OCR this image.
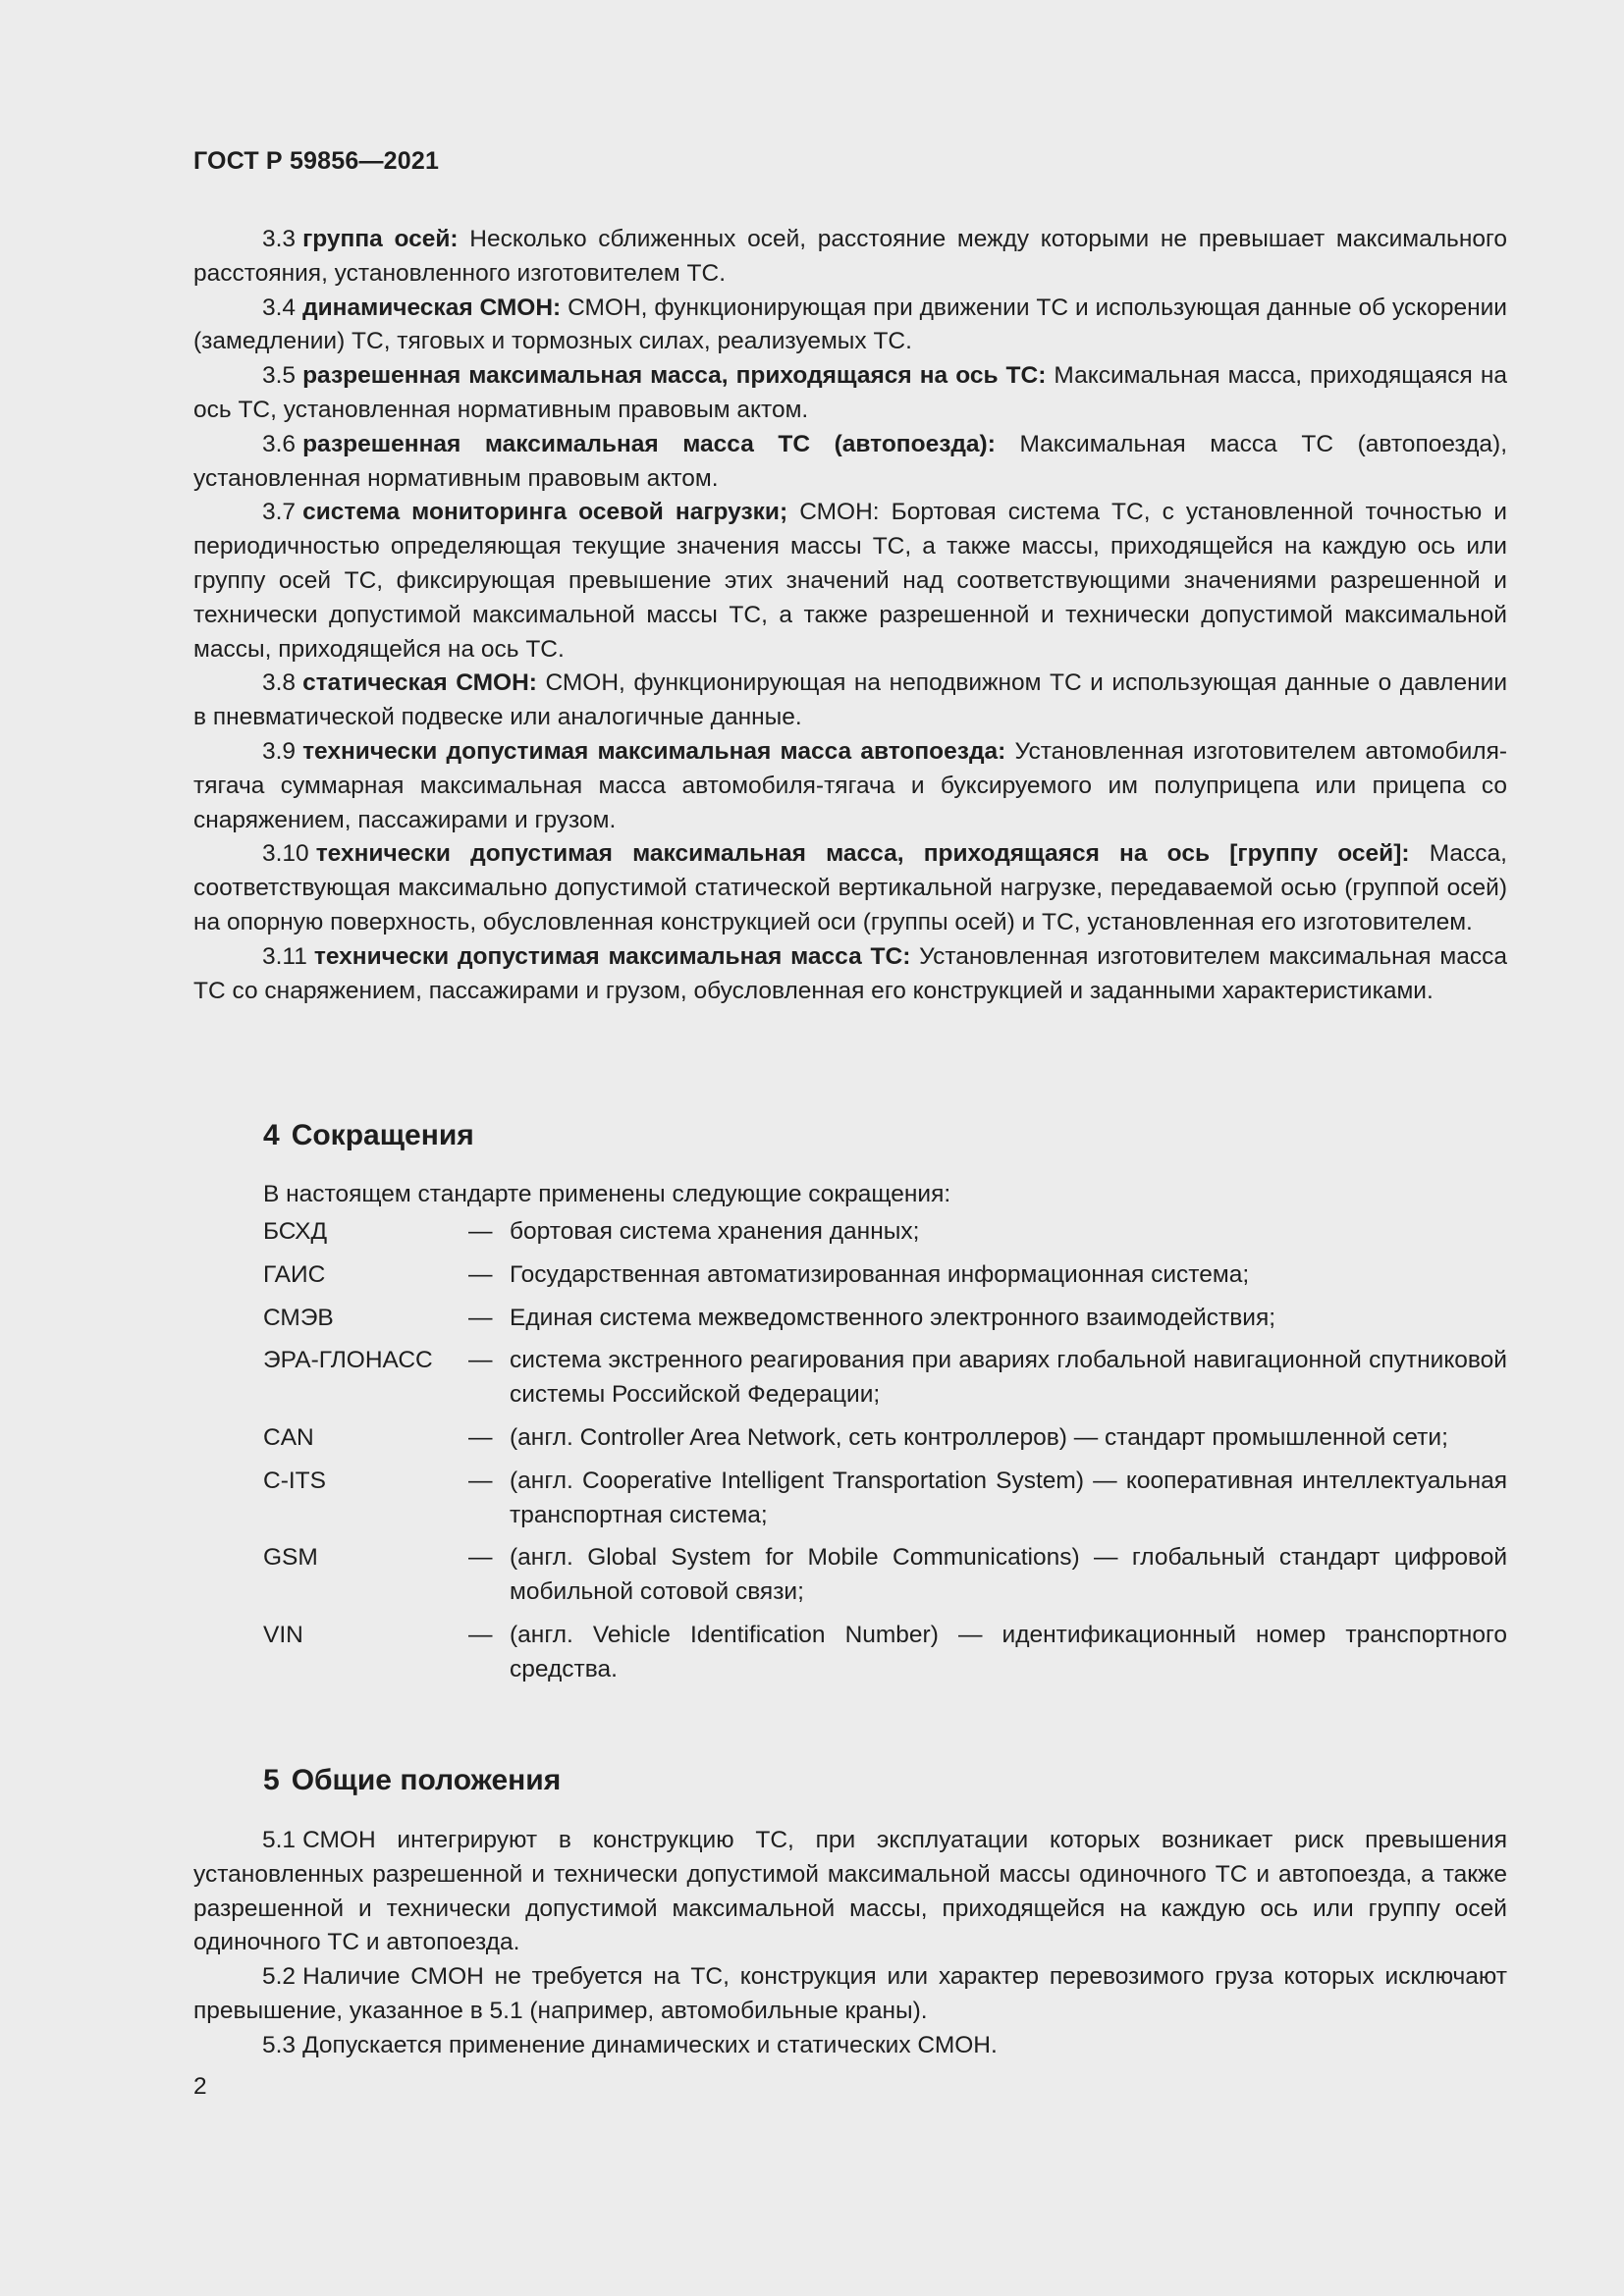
ГОСТ Р 59856—2021

3.3 группа осей: Несколько сближенных осей, расстояние между которыми не превышает максимального расстояния, установленного изготовителем ТС.

3.4 динамическая СМОН: СМОН, функционирующая при движении ТС и использующая данные об ускорении (замедлении) ТС, тяговых и тормозных силах, реализуемых ТС.

3.5 разрешенная максимальная масса, приходящаяся на ось ТС: Максимальная масса, приходящаяся на ось ТС, установленная нормативным правовым актом.

3.6 разрешенная максимальная масса ТС (автопоезда): Максимальная масса ТС (автопоезда), установленная нормативным правовым актом.

3.7 система мониторинга осевой нагрузки; СМОН: Бортовая система ТС, с установленной точностью и периодичностью определяющая текущие значения массы ТС, а также массы, приходящейся на каждую ось или группу осей ТС, фиксирующая превышение этих значений над соответствующими значениями разрешенной и технически допустимой максимальной массы ТС, а также разрешенной и технически допустимой максимальной массы, приходящейся на ось ТС.

3.8 статическая СМОН: СМОН, функционирующая на неподвижном ТС и использующая данные о давлении в пневматической подвеске или аналогичные данные.

3.9 технически допустимая максимальная масса автопоезда: Установленная изготовителем автомобиля-тягача суммарная максимальная масса автомобиля-тягача и буксируемого им полуприцепа или прицепа со снаряжением, пассажирами и грузом.

3.10 технически допустимая максимальная масса, приходящаяся на ось [группу осей]: Масса, соответствующая максимально допустимой статической вертикальной нагрузке, передаваемой осью (группой осей) на опорную поверхность, обусловленная конструкцией оси (группы осей) и ТС, установленная его изготовителем.

3.11 технически допустимая максимальная масса ТС: Установленная изготовителем максимальная масса ТС со снаряжением, пассажирами и грузом, обусловленная его конструкцией и заданными характеристиками.

4 Сокращения
В настоящем стандарте применены следующие сокращения:
БСХД	— бортовая система хранения данных;
ГАИС	— Государственная автоматизированная информационная система;
СМЭВ	— Единая система межведомственного электронного взаимодействия;
ЭРА-ГЛОНАСС	— система экстренного реагирования при авариях глобальной навигационной спутниковой системы Российской Федерации;
CAN	— (англ. Controller Area Network, сеть контроллеров) — стандарт промышленной сети;
C-ITS	— (англ. Cooperative Intelligent Transportation System) — кооперативная интеллектуальная транспортная система;
GSM	— (англ. Global System for Mobile Communications) — глобальный стандарт цифровой мобильной сотовой связи;
VIN	— (англ. Vehicle Identification Number) — идентификационный номер транспортного средства.
5 Общие положения

5.1 СМОН интегрируют в конструкцию ТС, при эксплуатации которых возникает риск превышения установленных разрешенной и технически допустимой максимальной массы одиночного ТС и автопоезда, а также разрешенной и технически допустимой максимальной массы, приходящейся на каждую ось или группу осей одиночного ТС и автопоезда.

5.2 Наличие СМОН не требуется на ТС, конструкция или характер перевозимого груза которых исключают превышение, указанное в 5.1 (например, автомобильные краны).

5.3 Допускается применение динамических и статических СМОН.

2
